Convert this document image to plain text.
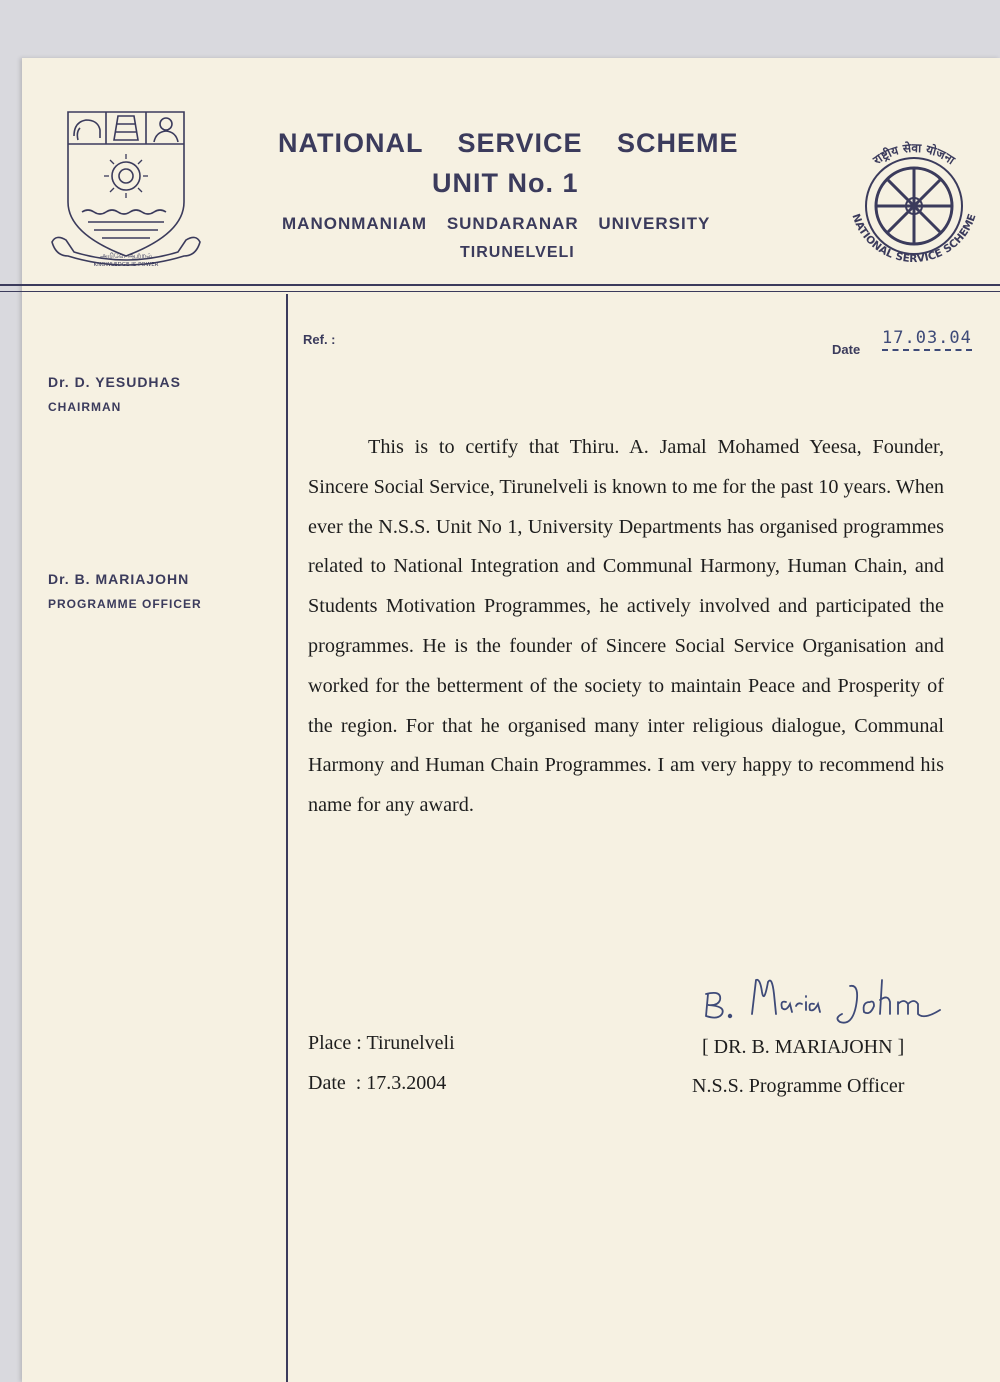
அறிவே ஆற்றல்
KNOWLEDGE IS POWER
NATIONAL SERVICE SCHEME
UNIT No. 1
MANONMANIAM SUNDARANAR UNIVERSITY
TIRUNELVELI
राष्ट्रीय सेवा योजना
NATIONAL SERVICE SCHEME
Dr. D. YESUDHAS
CHAIRMAN
Dr. B. MARIAJOHN
PROGRAMME OFFICER
Ref. :
Date
17.03.04

This is to certify that Thiru. A. Jamal Mohamed Yeesa, Founder, Sincere Social Service, Tirunelveli is known to me for the past 10 years. When ever the N.S.S. Unit No 1, University Departments has organised programmes related to National Integration and Communal Harmony, Human Chain, and Students Motivation Programmes, he actively involved and participated the programmes. He is the founder of Sincere Social Service Organisation and worked for the betterment of the society to maintain Peace and Prosperity of the region. For that he organised many inter religious dialogue, Communal Harmony and Human Chain Programmes. I am very happy to recommend his name for any award.

B. Maria John
Place : Tirunelveli
Date  : 17.3.2004
[ DR. B. MARIAJOHN ]
N.S.S. Programme Officer
